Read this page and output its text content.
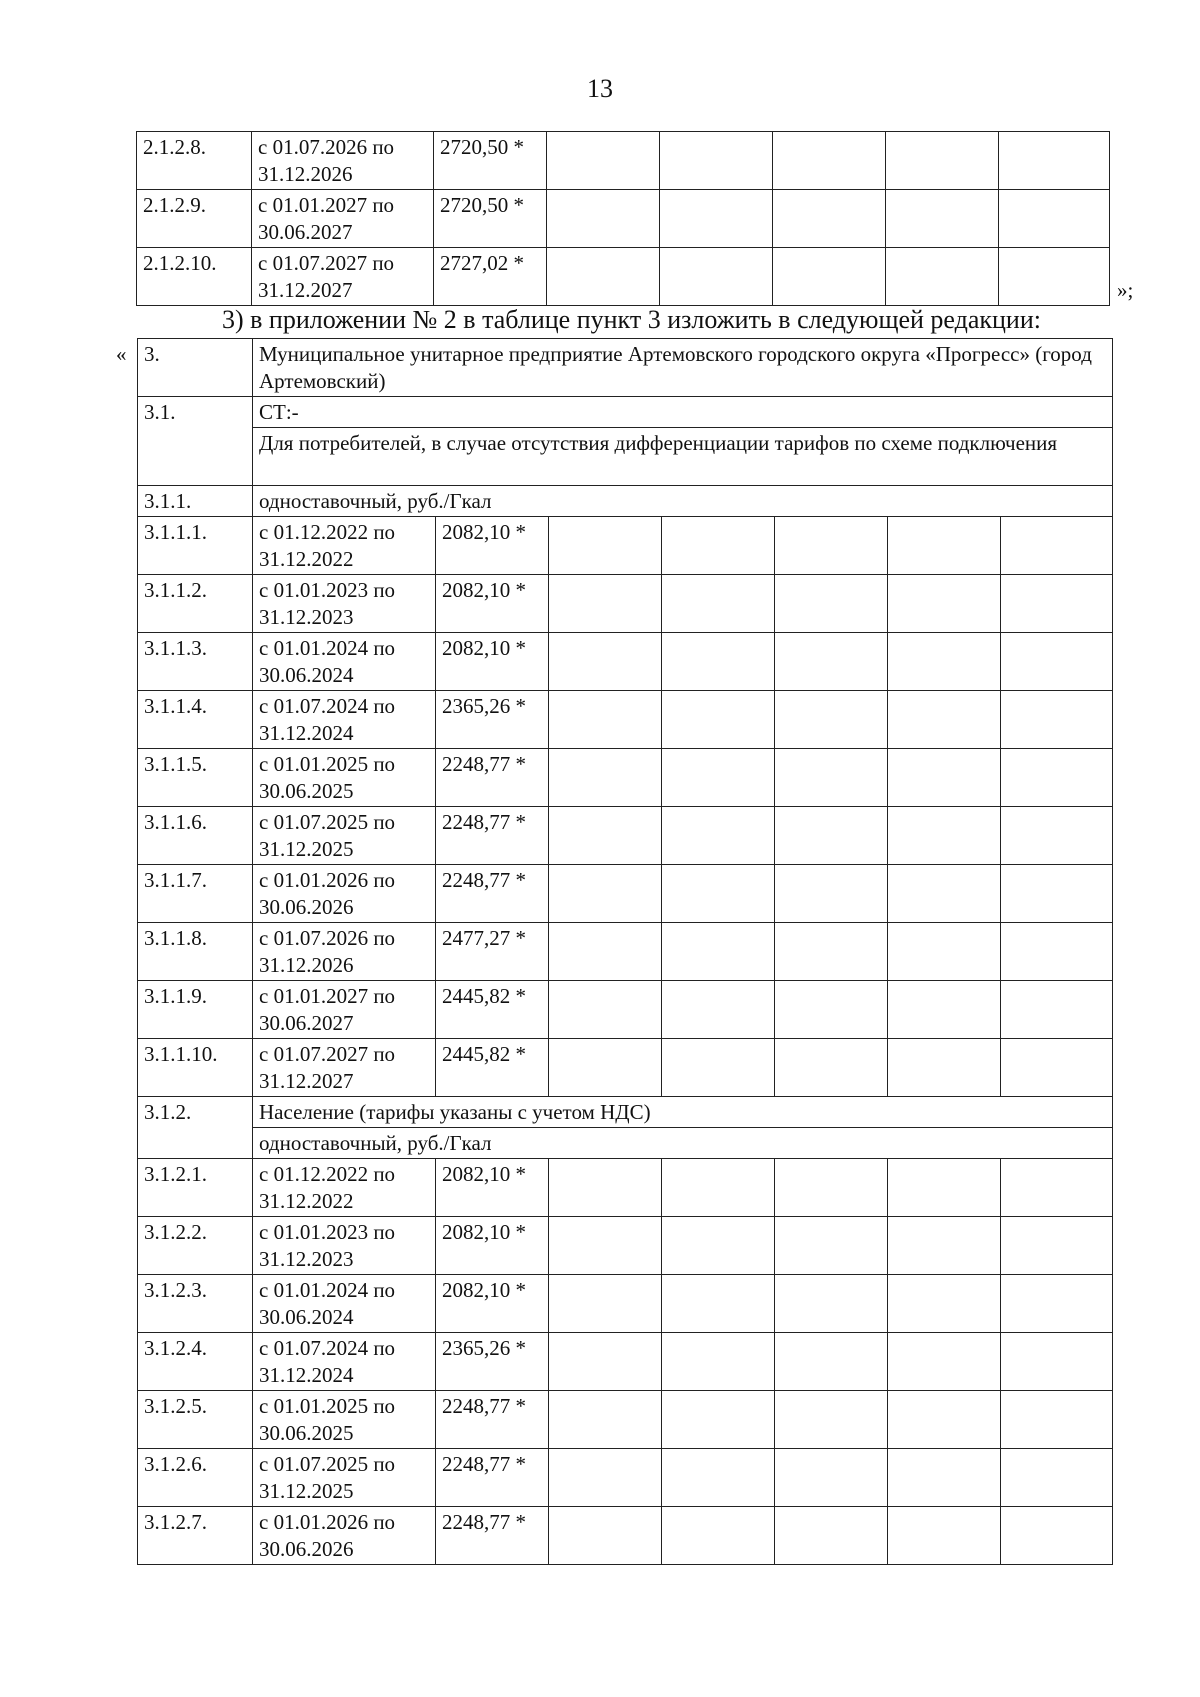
13
2.1.2.8.	с 01.07.2026 по 31.12.2026	2720,50 *					
2.1.2.9.	с 01.01.2027 по 30.06.2027	2720,50 *					
2.1.2.10.	с 01.07.2027 по 31.12.2027	2727,02 *					
»;
3) в приложении № 2 в таблице пункт 3 изложить в следующей редакции:
« 3.	Муниципальное унитарное предприятие Артемовского городского округа «Прогресс» (город Артемовский)						
3.1.	СТ:-						
	Для потребителей, в случае отсутствия дифференциации тарифов по схеме подключения						
3.1.1.	одноставочный, руб./Гкал						
3.1.1.1.	с 01.12.2022 по 31.12.2022	2082,10 *					
3.1.1.2.	с 01.01.2023 по 31.12.2023	2082,10 *					
3.1.1.3.	с 01.01.2024 по 30.06.2024	2082,10 *					
3.1.1.4.	с 01.07.2024 по 31.12.2024	2365,26 *					
3.1.1.5.	с 01.01.2025 по 30.06.2025	2248,77 *					
3.1.1.6.	с 01.07.2025 по 31.12.2025	2248,77 *					
3.1.1.7.	с 01.01.2026 по 30.06.2026	2248,77 *					
3.1.1.8.	с 01.07.2026 по 31.12.2026	2477,27 *					
3.1.1.9.	с 01.01.2027 по 30.06.2027	2445,82 *					
3.1.1.10.	с 01.07.2027 по 31.12.2027	2445,82 *					
3.1.2.	Население (тарифы указаны с учетом НДС)						
	одноставочный, руб./Гкал						
3.1.2.1.	с 01.12.2022 по 31.12.2022	2082,10 *					
3.1.2.2.	с 01.01.2023 по 31.12.2023	2082,10 *					
3.1.2.3.	с 01.01.2024 по 30.06.2024	2082,10 *					
3.1.2.4.	с 01.07.2024 по 31.12.2024	2365,26 *					
3.1.2.5.	с 01.01.2025 по 30.06.2025	2248,77 *					
3.1.2.6.	с 01.07.2025 по 31.12.2025	2248,77 *					
3.1.2.7.	с 01.01.2026 по 30.06.2026	2248,77 *					
